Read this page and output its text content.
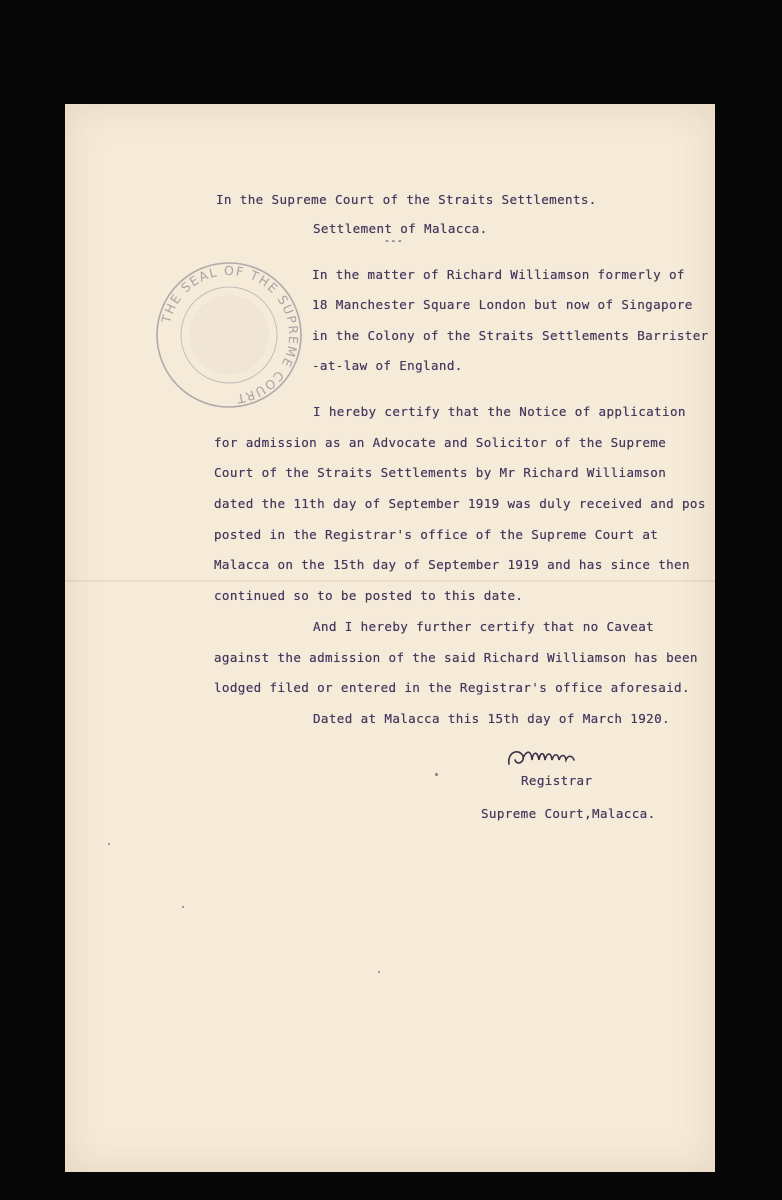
THE SEAL OF THE SUPREME COURT
In the Supreme Court of the Straits Settlements.
Settlement of Malacca.
---
In the matter of Richard Williamson formerly of
18 Manchester Square London but now of Singapore
in the Colony of the Straits Settlements Barrister
-at-law of England.
I hereby certify that the Notice of application
for admission as an Advocate and Solicitor of the Supreme
Court of the Straits Settlements by Mr Richard Williamson
dated the 11th day of September 1919 was duly received and pos
posted in the Registrar's office of the Supreme Court at
Malacca on the 15th day of September 1919 and has since then
continued so to be posted to this date.
And I hereby further certify that no Caveat
against the admission of the said Richard Williamson has been
lodged filed or entered in the Registrar's office aforesaid.
Dated at Malacca this 15th day of March 1920.
Registrar
Supreme Court,Malacca.
